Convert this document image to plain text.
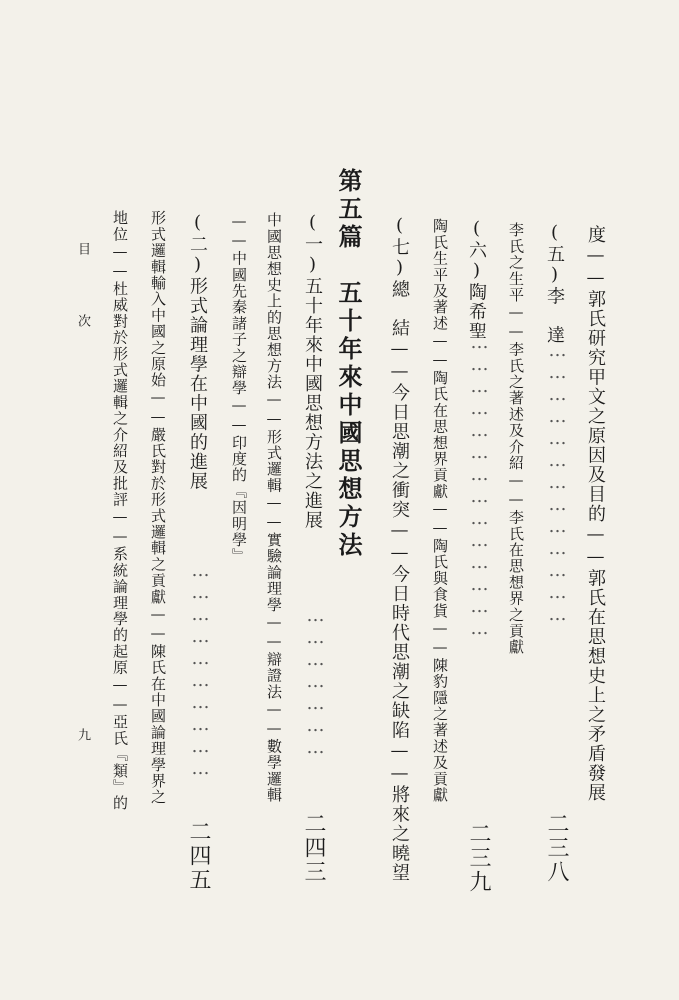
度——郭氏研究甲文之原因及目的——郭氏在思想史上之矛盾發展
(五)李　達
…………………………………
二三八
李氏之生平——李氏之著述及介紹——李氏在思想界之貢獻
(六)陶希聖
……………………………………
二三九
陶氏生平及著述——陶氏在思想界貢獻——陶氏與食貨——陳豹隱之著述及貢獻
(七)總　結——今日思潮之衝突——今日時代思潮之缺陷——將來之曉望
第五篇　五十年來中國思想方法
(一)五十年來中國思想方法之進展
…………………
二四三
中國思想史上的思想方法——形式邏輯——實驗論理學——辯證法——數學邏輯
——中國先秦諸子之辯學——印度的『因明學』
(二)形式論理學在中國的進展
…………………………
二四五
形式邏輯輸入中國之原始——嚴氏對於形式邏輯之貢獻——陳氏在中國論理學界之
地位——杜威對於形式邏輯之介紹及批評——系統論理學的起原——亞氏『類』的
目 次
九
